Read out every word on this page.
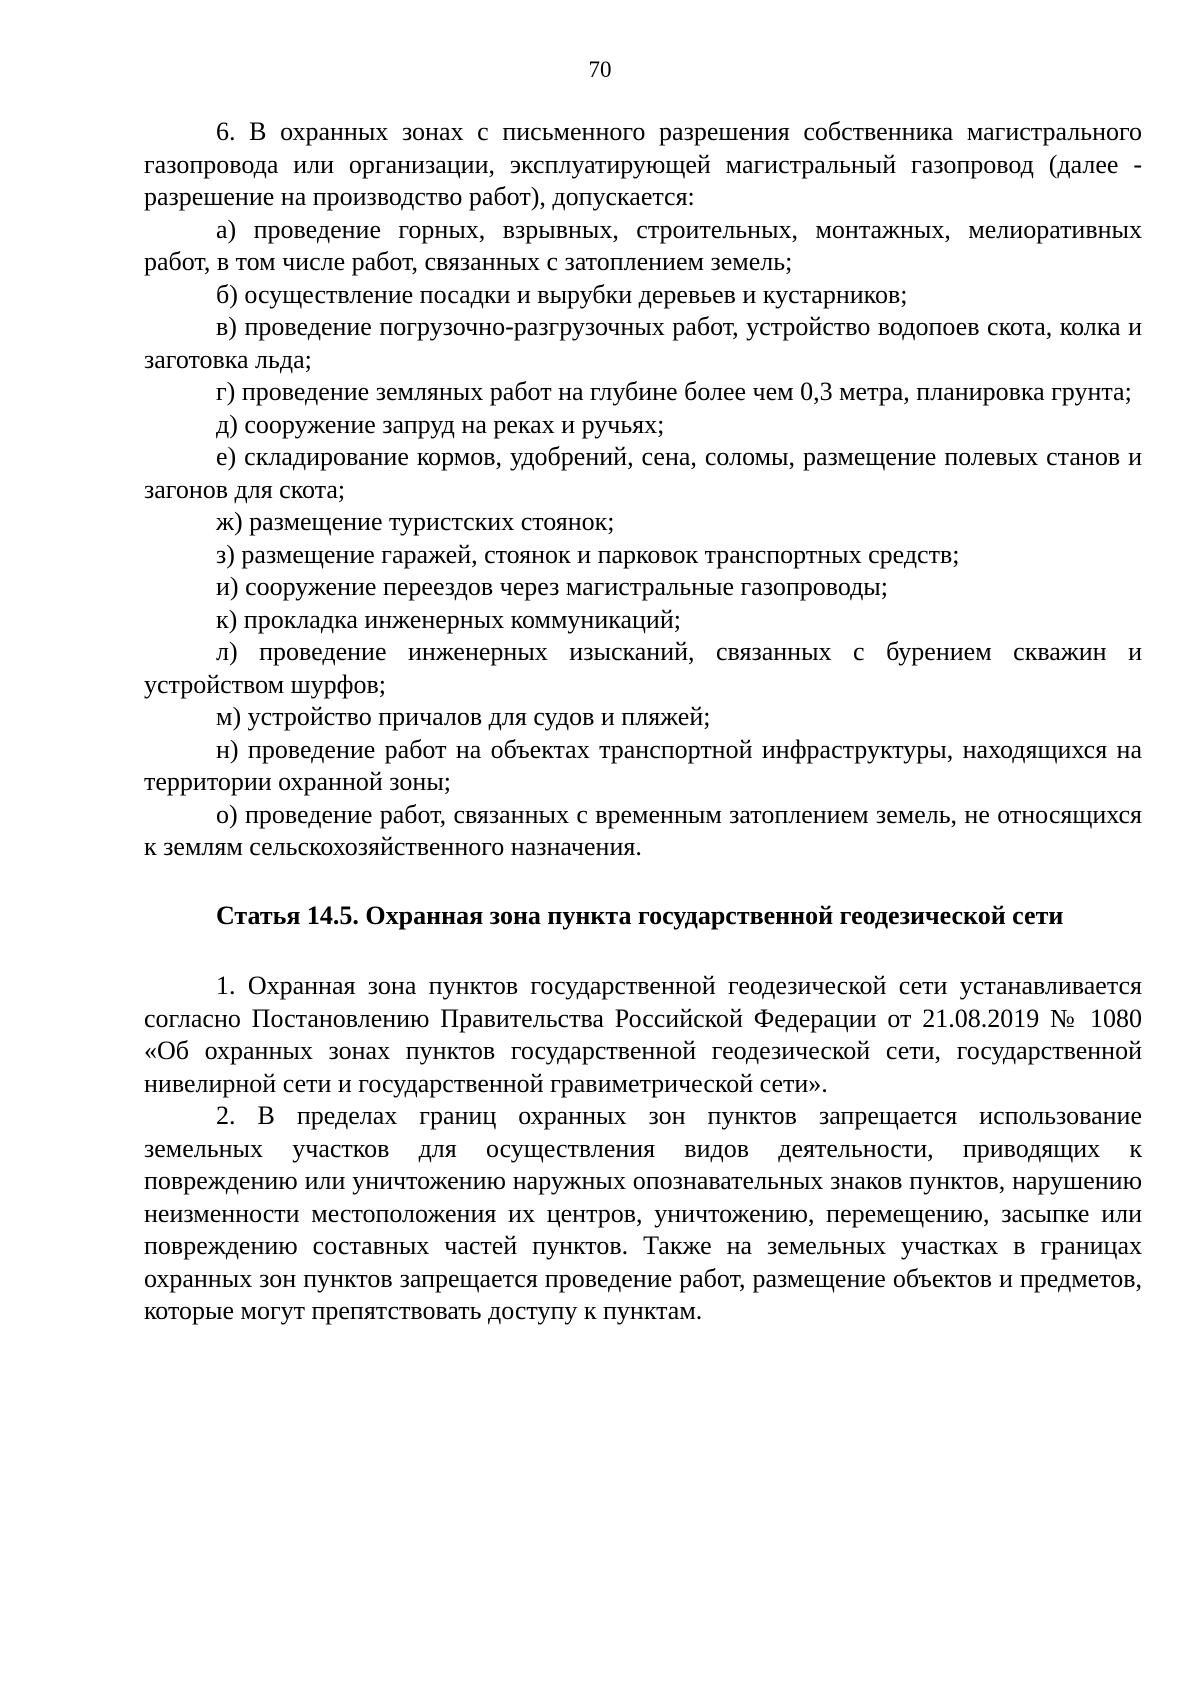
70

6. В охранных зонах с письменного разрешения собственника магистрального газопровода или организации, эксплуатирующей магистральный газопровод (далее - разрешение на производство работ), допускается:

а) проведение горных, взрывных, строительных, монтажных, мелиоративных работ, в том числе работ, связанных с затоплением земель;

б) осуществление посадки и вырубки деревьев и кустарников;

в) проведение погрузочно-разгрузочных работ, устройство водопоев скота, колка и заготовка льда;

г) проведение земляных работ на глубине более чем 0,3 метра, планировка грунта;

д) сооружение запруд на реках и ручьях;

е) складирование кормов, удобрений, сена, соломы, размещение полевых станов и загонов для скота;

ж) размещение туристских стоянок;

з) размещение гаражей, стоянок и парковок транспортных средств;

и) сооружение переездов через магистральные газопроводы;

к) прокладка инженерных коммуникаций;

л) проведение инженерных изысканий, связанных с бурением скважин и устройством шурфов;

м) устройство причалов для судов и пляжей;

н) проведение работ на объектах транспортной инфраструктуры, находящихся на территории охранной зоны;

о) проведение работ, связанных с временным затоплением земель, не относящихся к землям сельскохозяйственного назначения.

Статья 14.5. Охранная зона пункта государственной геодезической сети

1. Охранная зона пунктов государственной геодезической сети устанавливается согласно Постановлению Правительства Российской Федерации от 21.08.2019 № 1080 «Об охранных зонах пунктов государственной геодезической сети, государственной нивелирной сети и государственной гравиметрической сети».

2. В пределах границ охранных зон пунктов запрещается использование земельных участков для осуществления видов деятельности, приводящих к повреждению или уничтожению наружных опознавательных знаков пунктов, нарушению неизменности местоположения их центров, уничтожению, перемещению, засыпке или повреждению составных частей пунктов. Также на земельных участках в границах охранных зон пунктов запрещается проведение работ, размещение объектов и предметов, которые могут препятствовать доступу к пунктам.
